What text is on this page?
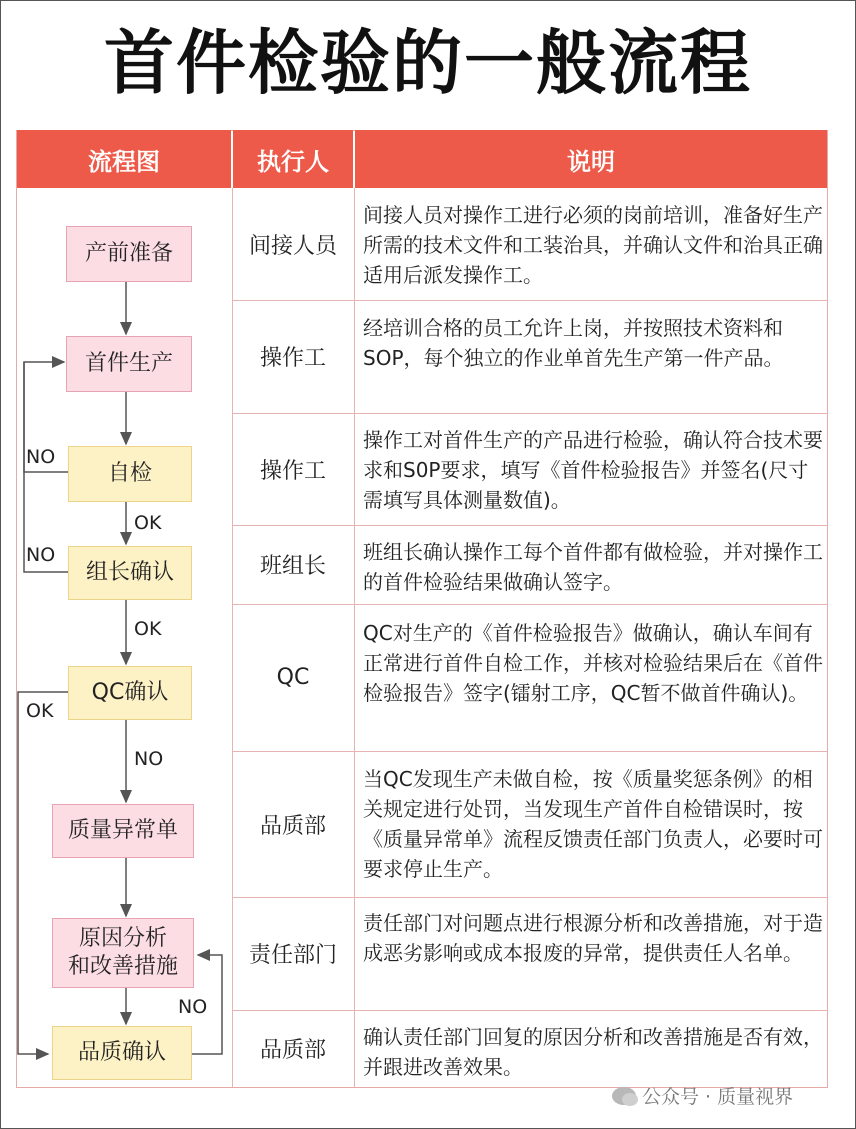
首件检验的一般流程
流程图	执行人	说明
间接人员
操作工
操作工
班组长
QC
品质部
责任部门
品质部
间接人员对操作工进行必须的岗前培训，准备好生产所需的技术文件和工装治具，并确认文件和治具正确适用后派发操作工。
经培训合格的员工允许上岗，并按照技术资料和SOP，每个独立的作业单首先生产第一件产品。
操作工对首件生产的产品进行检验，确认符合技术要求和S0P要求，填写《首件检验报告》并签名(尺寸需填写具体测量数值)。
班组长确认操作工每个首件都有做检验，并对操作工的首件检验结果做确认签字。
QC对生产的《首件检验报告》做确认，确认车间有正常进行首件自检工作，并核对检验结果后在《首件检验报告》签字(镭射工序，QC暂不做首件确认)。
当QC发现生产未做自检，按《质量奖惩条例》的相关规定进行处罚，当发现生产首件自检错误时，按《质量异常单》流程反馈责任部门负责人，必要时可要求停止生产。
责任部门对问题点进行根源分析和改善措施，对于造成恶劣影响或成本报废的异常，提供责任人名单。
确认责任部门回复的原因分析和改善措施是否有效，并跟进改善效果。
产前准备
首件生产
自检
组长确认
QC确认
质量异常单
原因分析
和改善措施
品质确认
NO
NO
OK
OK
OK
NO
NO
公众号 · 质量视界
